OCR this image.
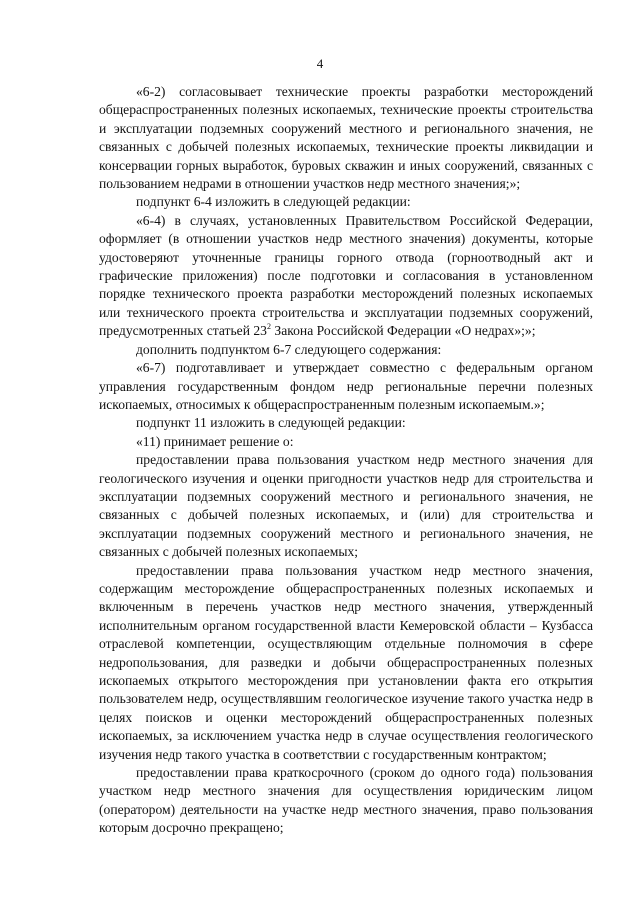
4

«6-2) согласовывает технические проекты разработки месторождений общераспространенных полезных ископаемых, технические проекты строительства и эксплуатации подземных сооружений местного и регионального значения, не связанных с добычей полезных ископаемых, технические проекты ликвидации и консервации горных выработок, буровых скважин и иных сооружений, связанных с пользованием недрами в отношении участков недр местного значения;»;

подпункт 6-4 изложить в следующей редакции:

«6-4) в случаях, установленных Правительством Российской Федерации, оформляет (в отношении участков недр местного значения) документы, которые удостоверяют уточненные границы горного отвода (горноотводный акт и графические приложения) после подготовки и согласования в установленном порядке технического проекта разработки месторождений полезных ископаемых или технического проекта строительства и эксплуатации подземных сооружений, предусмотренных статьей $23^2$ Закона Российской Федерации «О недрах»;»;

дополнить подпунктом 6-7 следующего содержания:

«6-7) подготавливает и утверждает совместно с федеральным органом управления государственным фондом недр региональные перечни полезных ископаемых, относимых к общераспространенным полезным ископаемым.»;

подпункт 11 изложить в следующей редакции:

«11) принимает решение о:

предоставлении права пользования участком недр местного значения для геологического изучения и оценки пригодности участков недр для строительства и эксплуатации подземных сооружений местного и регионального значения, не связанных с добычей полезных ископаемых, и (или) для строительства и эксплуатации подземных сооружений местного и регионального значения, не связанных с добычей полезных ископаемых;

предоставлении права пользования участком недр местного значения, содержащим месторождение общераспространенных полезных ископаемых и включенным в перечень участков недр местного значения, утвержденный исполнительным органом государственной власти Кемеровской области – Кузбасса отраслевой компетенции, осуществляющим отдельные полномочия в сфере недропользования, для разведки и добычи общераспространенных полезных ископаемых открытого месторождения при установлении факта его открытия пользователем недр, осуществлявшим геологическое изучение такого участка недр в целях поисков и оценки месторождений общераспространенных полезных ископаемых, за исключением участка недр в случае осуществления геологического изучения недр такого участка в соответствии с государственным контрактом;

предоставлении права краткосрочного (сроком до одного года) пользования участком недр местного значения для осуществления юридическим лицом (оператором) деятельности на участке недр местного значения, право пользования которым досрочно прекращено;
